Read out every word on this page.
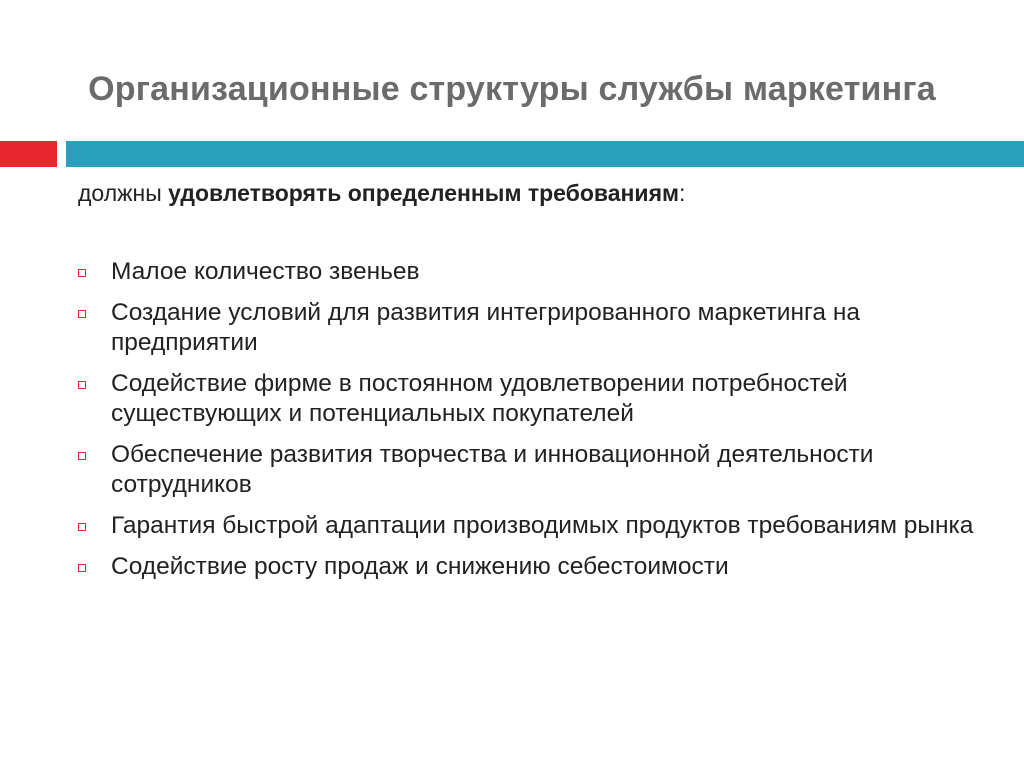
Организационные структуры службы маркетинга
должны удовлетворять определенным требованиям:
Малое количество звеньев
Создание условий для развития интегрированного маркетинга на предприятии
Содействие фирме в постоянном удовлетворении потребностей существующих и потенциальных покупателей
Обеспечение развития творчества и инновационной деятельности сотрудников
Гарантия быстрой адаптации производимых продуктов требованиям рынка
Содействие росту продаж и снижению себестоимости
